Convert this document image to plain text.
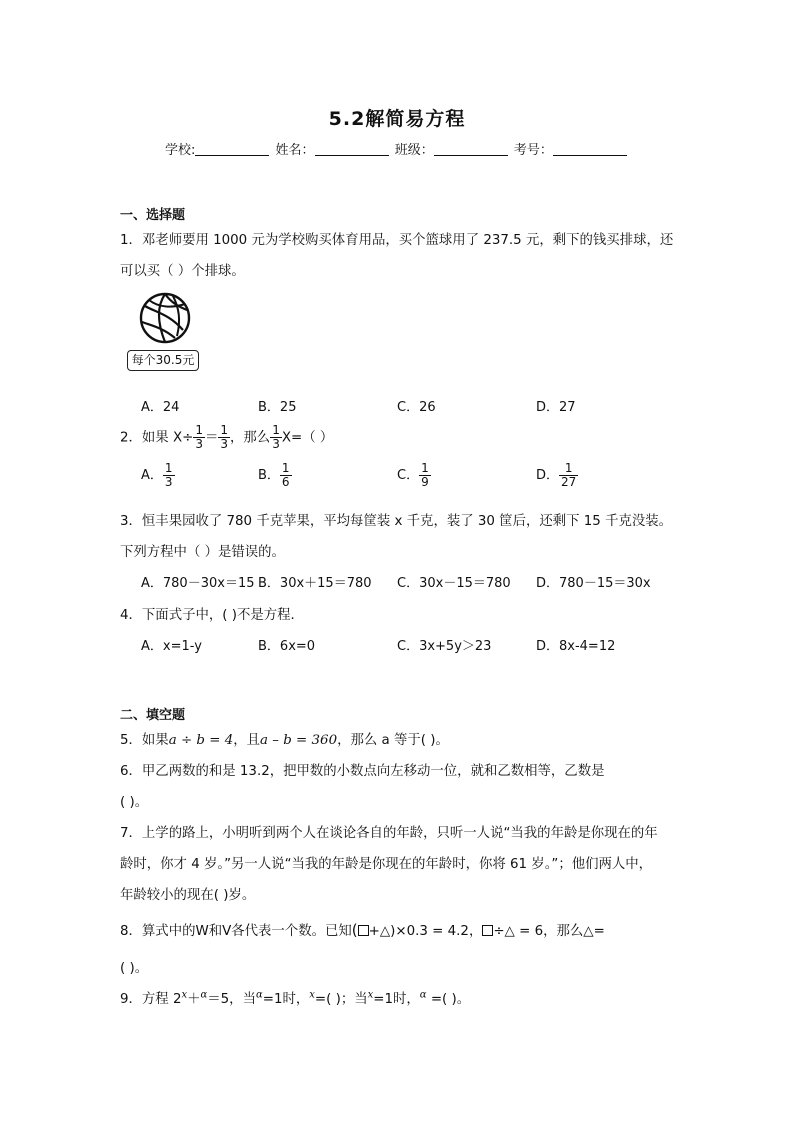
5.2解简易方程
学校:	姓名：	班级：	考号：
一、选择题
1．邓老师要用 1000 元为学校购买体育用品，买个篮球用了 237.5 元，剩下的钱买排球，还
可以买（ ）个排球。
每个30.5元
A．24	B．25	C．26	D．27
2．如果 $X\div \frac{1}{3} = \frac{1}{3}$ ，那么 $\frac{1}{3} X=$（ ）
A． $\frac{1}{3}$	B． $\frac{1}{6}$	C． $\frac{1}{9}$	D． $\frac{1}{27}$
3．恒丰果园收了 780 千克苹果，平均每筐装 x 千克，装了 30 筐后，还剩下 15 千克没装。
下列方程中（ ）是错误的。
A．780－30x＝15 B．30x＋15＝780 C．30x－15＝780 D．780－15＝30x
4．下面式子中，( )不是方程．
A．x=1-y	B．6x=0	C．3x+5y＞23	D．8x-4=12
二、填空题
5．如果a ÷ b = 4，且a – b = 360，那么 a 等于( )。
6．甲乙两数的和是 13.2，把甲数的小数点向左移动一位，就和乙数相等，乙数是
( )。
7．上学的路上，小明听到两个人在谈论各自的年龄，只听一人说“当我的年龄是你现在的年
龄时，你才 4 岁。”另一人说“当我的年龄是你现在的年龄时，你将 61 岁。”；他们两人中，
年龄较小的现在( )岁。
8．算式中的W和V各代表一个数。已知( +△)×0.3 = 4.2， ÷△ = 6，那么△=
( )。
9．方程 $2^x+^\alpha=5$，当$^\alpha$=1时，$^x$=( )；当$^x$=1时，$^\alpha$ =( )。
